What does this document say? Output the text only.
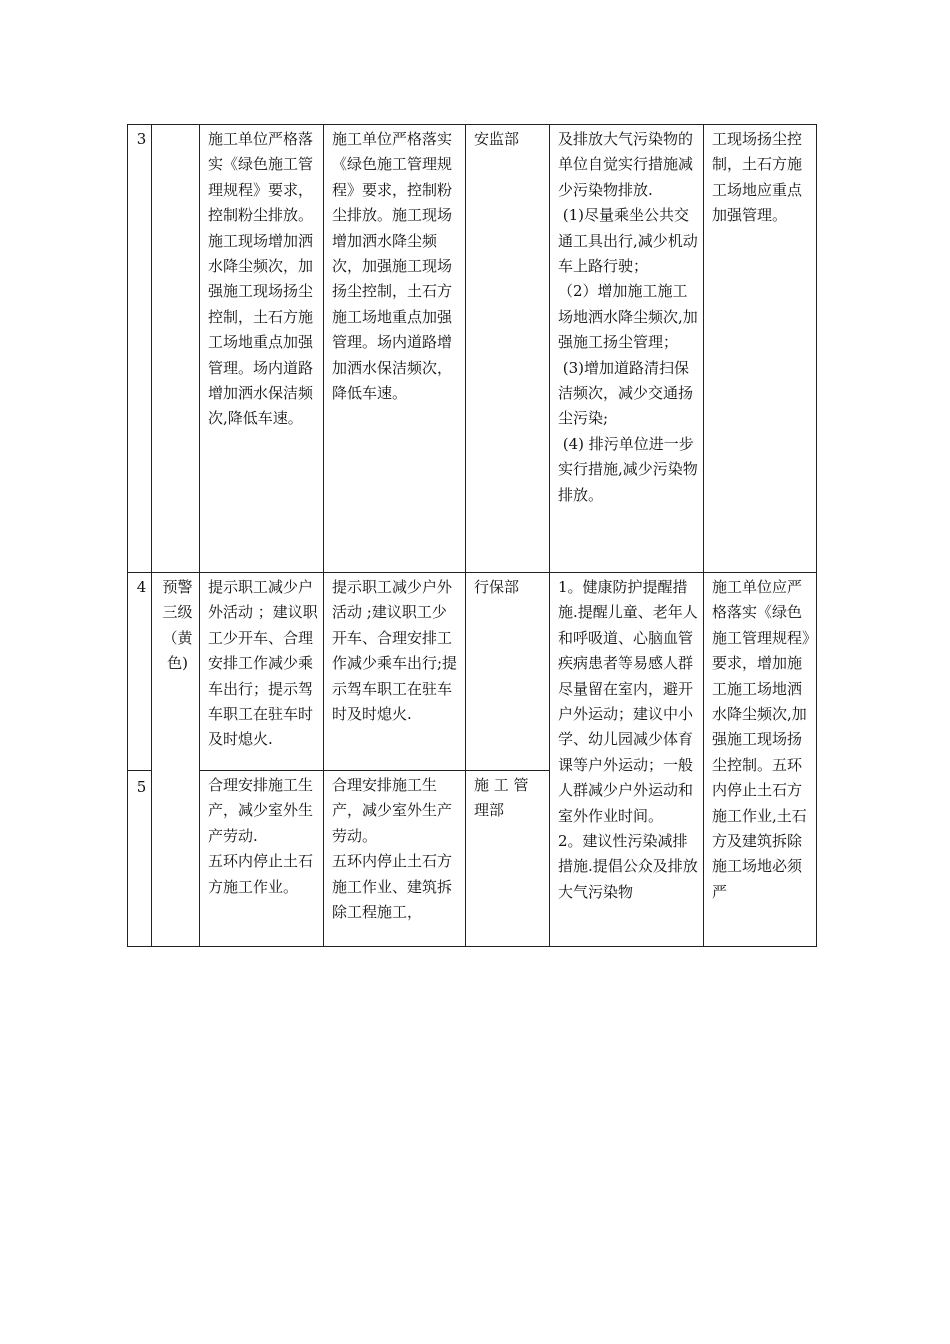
3		施工单位严格落实《绿色施工管理规程》要求，控制粉尘排放。施工现场增加洒水降尘频次，加强施工现场扬尘控制，土石方施工场地重点加强管理。场内道路增加洒水保洁频次,降低车速。	施工单位严格落实《绿色施工管理规程》要求，控制粉尘排放。施工现场增加洒水降尘频次，加强施工现场扬尘控制，土石方施工场地重点加强管理。场内道路增加洒水保洁频次，降低车速。	安监部	及排放大气污染物的单位自觉实行措施减少污染物排放.
(1)尽量乘坐公共交通工具出行,减少机动车上路行驶；
（2）增加施工施工场地洒水降尘频次,加强施工扬尘管理；
(3)增加道路清扫保洁频次，减少交通扬尘污染;
(4) 排污单位进一步实行措施,减少污染物排放。	工现场扬尘控制，土石方施工场地应重点加强管理。
4	预警三级（黄色)	提示职工减少户外活动 ；建议职工少开车、合理安排工作减少乘车出行；提示驾车职工在驻车时及时熄火.	提示职工减少户外活动 ;建议职工少开车、合理安排工作减少乘车出行;提示驾车职工在驻车时及时熄火.	行保部	1。健康防护提醒措施.提醒儿童、老年人和呼吸道、心脑血管疾病患者等易感人群尽量留在室内，避开户外运动；建议中小学、幼儿园减少体育课等户外运动；一般人群减少户外运动和室外作业时间。
2。建议性污染减排措施.提倡公众及排放大气污染物	施工单位应严格落实《绿色施工管理规程》要求，增加施工施工场地洒水降尘频次,加强施工现场扬尘控制。五环内停止土石方施工作业,土石方及建筑拆除施工场地必须严
5		合理安排施工生产，减少室外生产劳动.
五环内停止土石方施工作业。	合理安排施工生产，减少室外生产劳动。
五环内停止土石方施工作业、建筑拆除工程施工，	施 工 管 理部		
